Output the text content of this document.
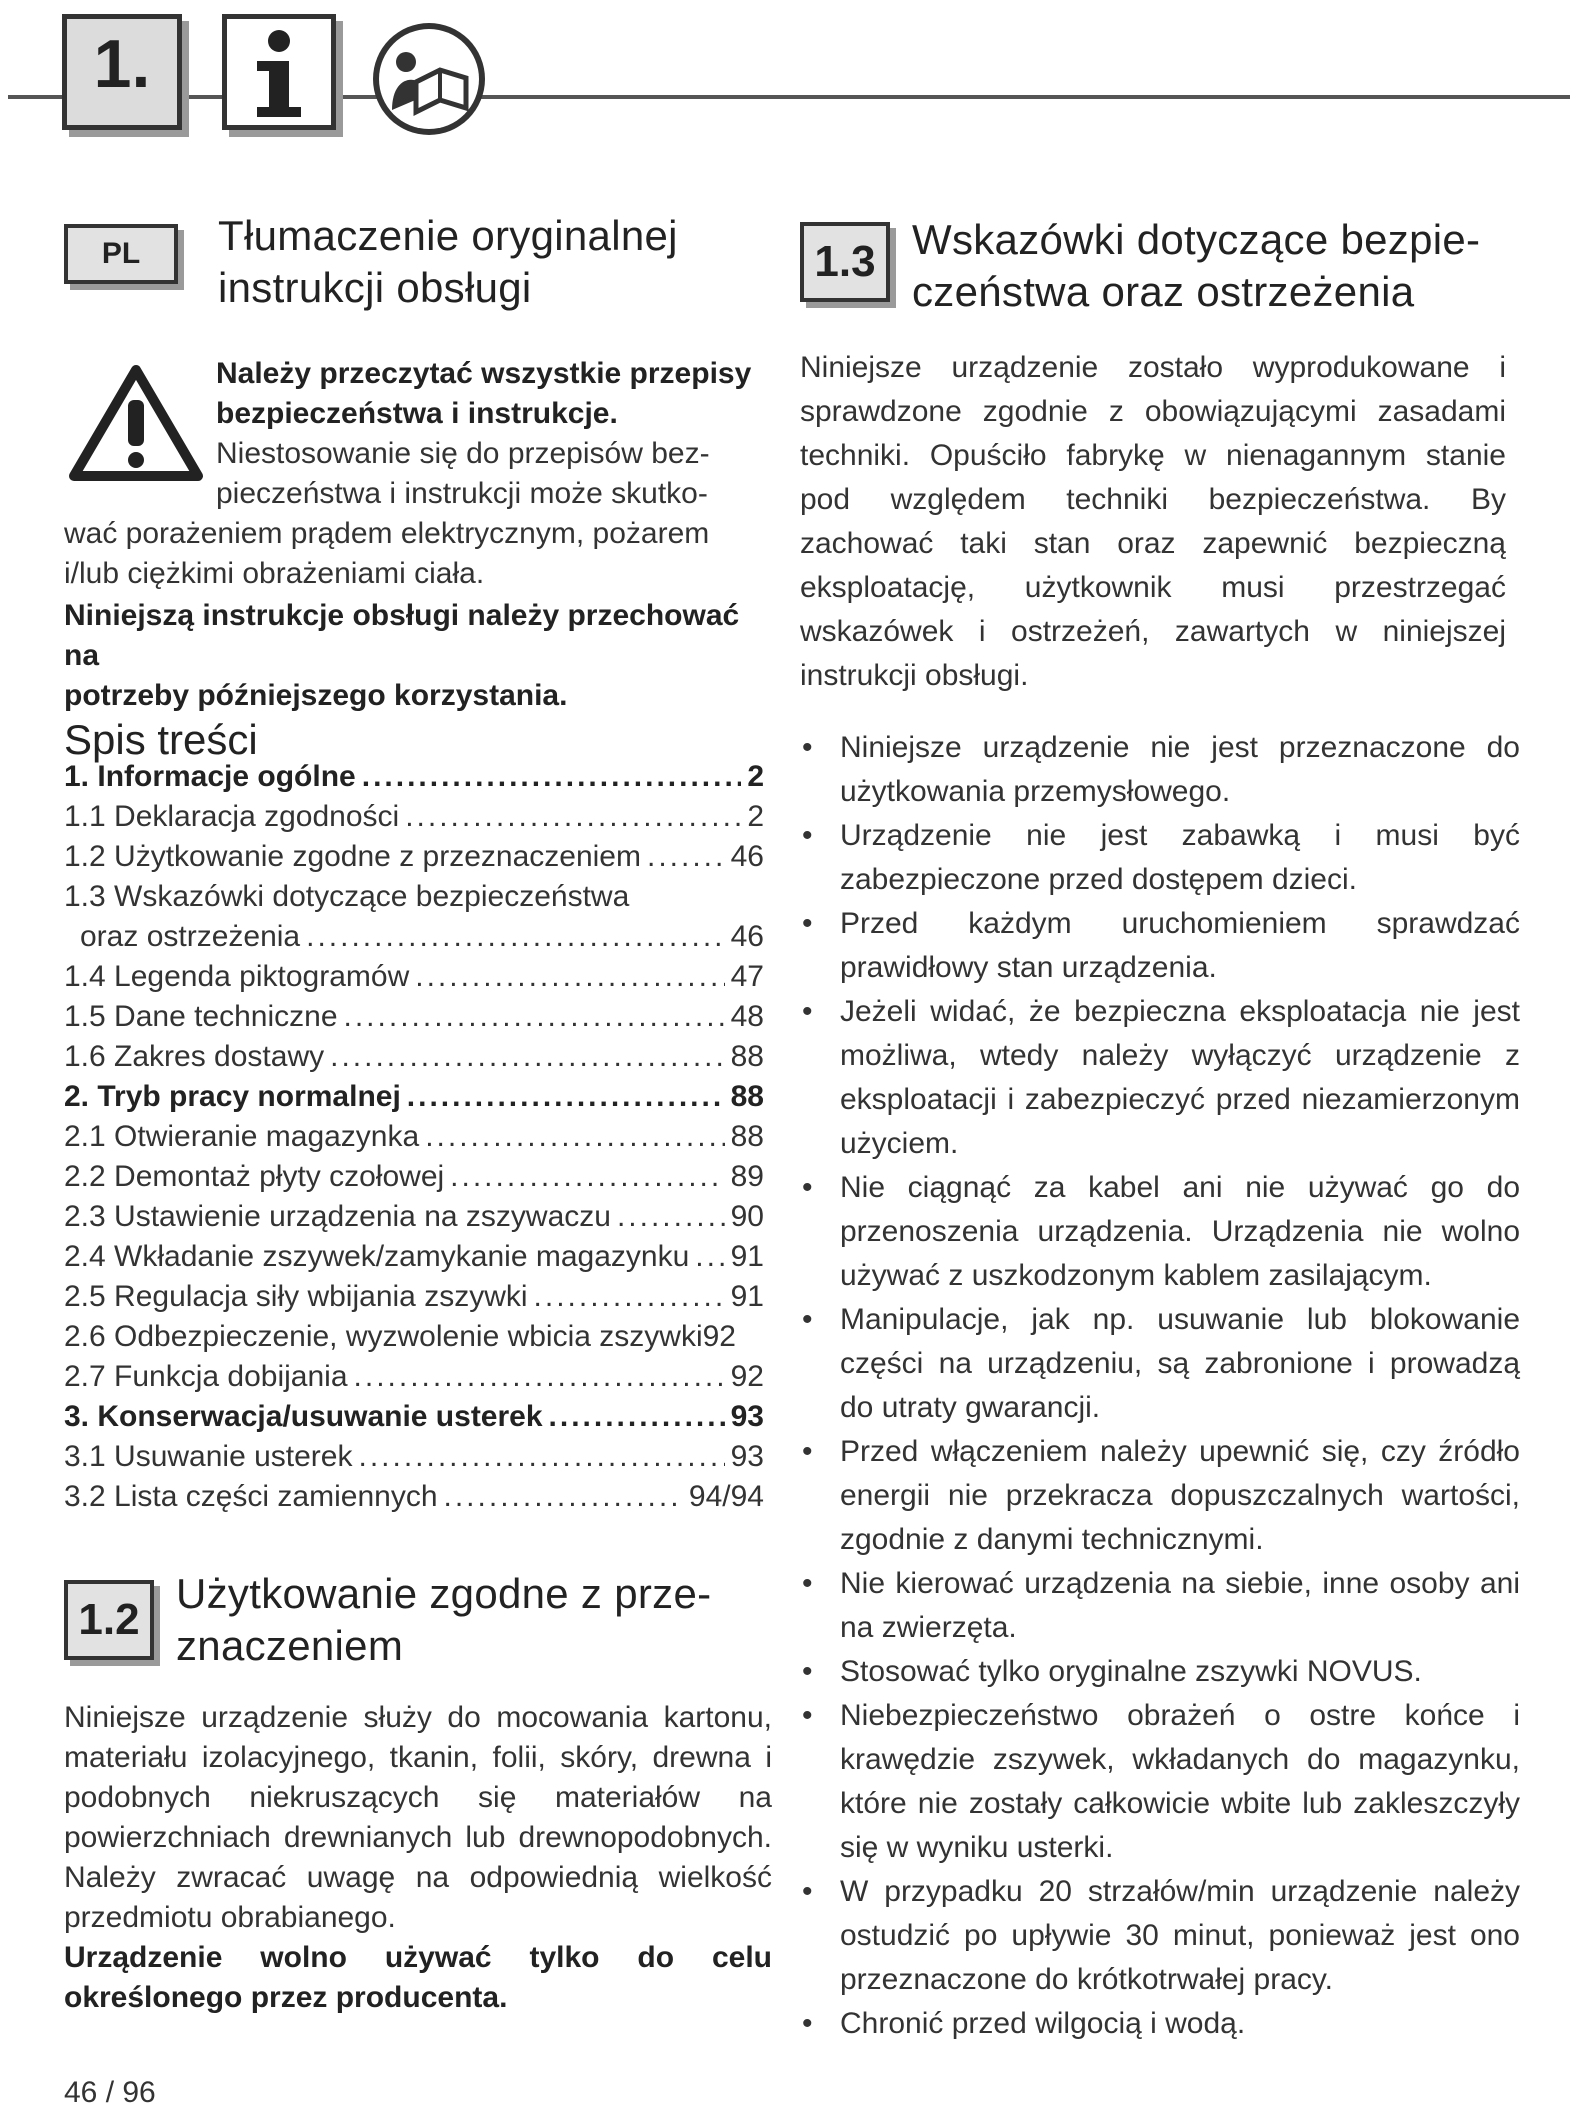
1.
PL	Tłumaczenie oryginalnej
instrukcji obsługi
Należy przeczytać wszystkie przepisy
bezpieczeństwa i instrukcje.
Niestosowanie się do przepisów bez-
pieczeństwa i instrukcji może skutko-
wać porażeniem prądem elektrycznym, pożarem
i/lub ciężkimi obrażeniami ciała.
Niniejszą instrukcje obsługi należy przechować na
potrzeby późniejszego korzystania.
Spis treści
1. Informacje ogólne .....	2
1.1 Deklaracja zgodności .....	2
1.2 Użytkowanie zgodne z przeznaczeniem .....	46
1.3 Wskazówki dotyczące bezpieczeństwa
oraz ostrzeżenia .....	46
1.4 Legenda piktogramów .....	47
1.5 Dane techniczne .....	48
1.6 Zakres dostawy .....	88
2. Tryb pracy normalnej .....	88
2.1 Otwieranie magazynka .....	88
2.2 Demontaż płyty czołowej .....	89
2.3 Ustawienie urządzenia na zszywaczu .....	90
2.4 Wkładanie zszywek/zamykanie magazynku ..... 91
2.5 Regulacja siły wbijania zszywki .....	91
2.6 Odbezpieczenie, wyzwolenie wbicia zszywki 92
2.7 Funkcja dobijania .....	92
3. Konserwacja/usuwanie usterek .....	93
3.1 Usuwanie usterek .....	93
3.2 Lista części zamiennych .....	94/94
1.2
Użytkowanie zgodne z prze-
znaczeniem
Niniejsze urządzenie służy do mocowania kartonu, materiału izolacyjnego, tkanin, folii, skóry, drewna i podobnych niekruszących się materiałów na powierzchniach drewnianych lub drewnopodobnych. Należy zwracać uwagę na odpowiednią wielkość przedmiotu obrabianego.
Urządzenie wolno używać tylko do celu określonego przez producenta.
1.3 Wskazówki dotyczące bezpie-
czeństwa oraz ostrzeżenia
Niniejsze urządzenie zostało wyprodukowane i sprawdzone zgodnie z obowiązującymi zasadami techniki. Opuściło fabrykę w nienagannym stanie pod względem techniki bezpieczeństwa. By zachować taki stan oraz zapewnić bezpieczną eksploatację, użytkownik musi przestrzegać wskazówek i ostrzeżeń, zawartych w niniejszej instrukcji obsługi.
• Niniejsze urządzenie nie jest przeznaczone do użytkowania przemysłowego.
• Urządzenie nie jest zabawką i musi być zabezpieczone przed dostępem dzieci.
• Przed każdym uruchomieniem sprawdzać prawidłowy stan urządzenia.
• Jeżeli widać, że bezpieczna eksploatacja nie jest możliwa, wtedy należy wyłączyć urządzenie z eksploatacji i zabezpieczyć przed niezamierzonym użyciem.
• Nie ciągnąć za kabel ani nie używać go do przenoszenia urządzenia. Urządzenia nie wolno używać z uszkodzonym kablem zasilającym.
• Manipulacje, jak np. usuwanie lub blokowanie części na urządzeniu, są zabronione i prowadzą do utraty gwarancji.
• Przed włączeniem należy upewnić się, czy źródło energii nie przekracza dopuszczalnych wartości, zgodnie z danymi technicznymi.
• Nie kierować urządzenia na siebie, inne osoby ani na zwierzęta.
• Stosować tylko oryginalne zszywki NOVUS.
• Niebezpieczeństwo obrażeń o ostre końce i krawędzie zszywek, wkładanych do magazynku, które nie zostały całkowicie wbite lub zakleszczyły się w wyniku usterki.
• W przypadku 20 strzałów/min urządzenie należy ostudzić po upływie 30 minut, ponieważ jest ono przeznaczone do krótkotrwałej pracy.
• Chronić przed wilgocią i wodą.
46 / 96
